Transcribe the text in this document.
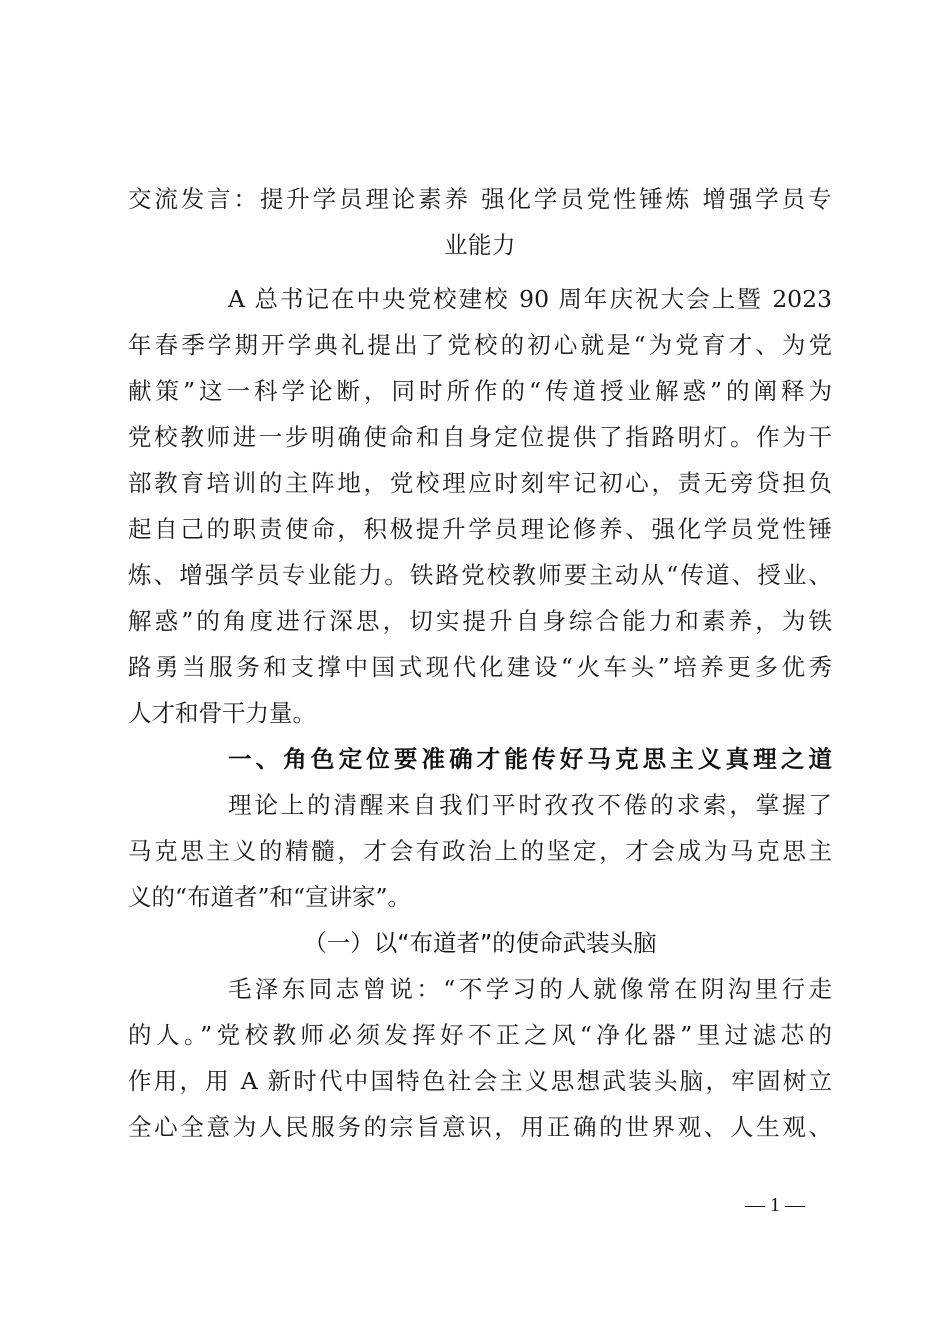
交流发言：提升学员理论素养 强化学员党性锤炼 增强学员专
业能力
A 总书记在中央党校建校 90 周年庆祝大会上暨 2023
年春季学期开学典礼提出了党校的初心就是“为党育才、为党
献策”这一科学论断，同时所作的“传道授业解惑”的阐释为
党校教师进一步明确使命和自身定位提供了指路明灯。作为干
部教育培训的主阵地，党校理应时刻牢记初心，责无旁贷担负
起自己的职责使命，积极提升学员理论修养、强化学员党性锤
炼、增强学员专业能力。铁路党校教师要主动从“传道、授业、
解惑”的角度进行深思，切实提升自身综合能力和素养，为铁
路勇当服务和支撑中国式现代化建设“火车头”培养更多优秀
人才和骨干力量。
一、角色定位要准确才能传好马克思主义真理之道
理论上的清醒来自我们平时孜孜不倦的求索，掌握了
马克思主义的精髓，才会有政治上的坚定，才会成为马克思主
义的“布道者”和“宣讲家”。
（一）以“布道者”的使命武装头脑
毛泽东同志曾说：“不学习的人就像常在阴沟里行走
的人。”党校教师必须发挥好不正之风“净化器”里过滤芯的
作用，用 A 新时代中国特色社会主义思想武装头脑，牢固树立
全心全意为人民服务的宗旨意识，用正确的世界观、人生观、
— 1 —
